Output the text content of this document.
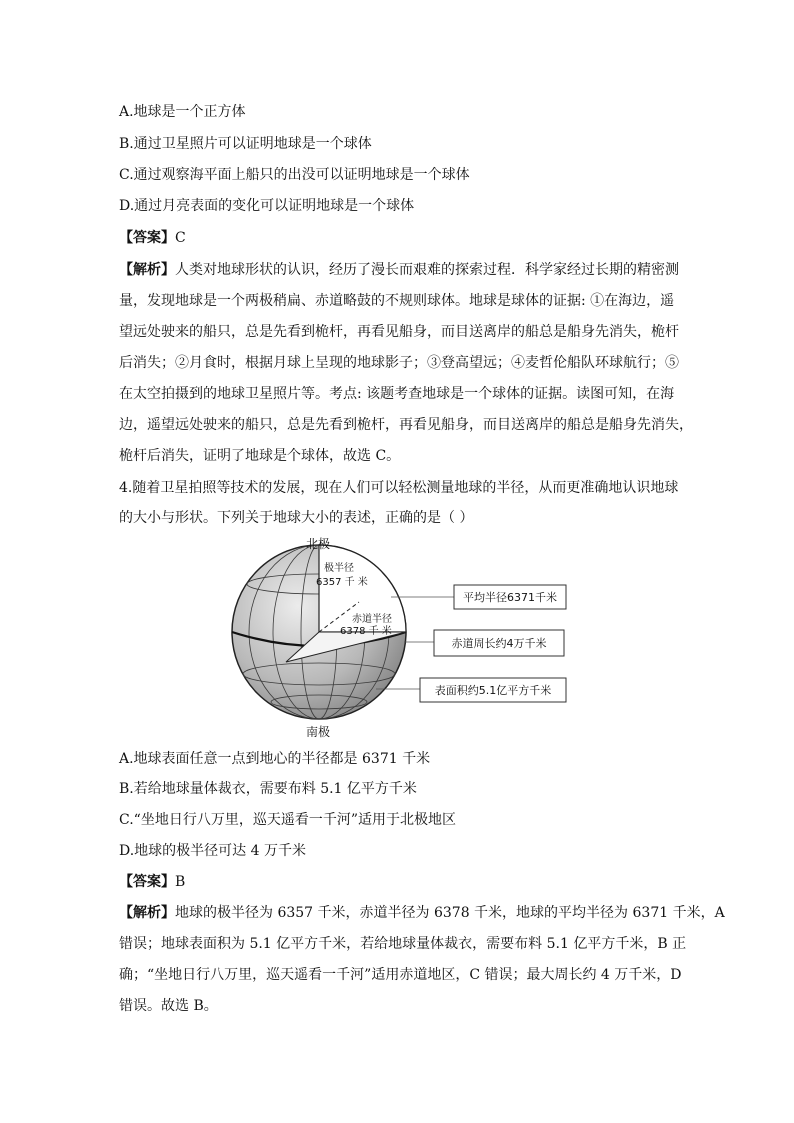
A.地球是一个正方体
B.通过卫星照片可以证明地球是一个球体
C.通过观察海平面上船只的出没可以证明地球是一个球体
D.通过月亮表面的变化可以证明地球是一个球体
【答案】C
【解析】人类对地球形状的认识，经历了漫长而艰难的探索过程．科学家经过长期的精密测
量，发现地球是一个两极稍扁、赤道略鼓的不规则球体。地球是球体的证据: ①在海边，遥
望远处驶来的船只，总是先看到桅杆，再看见船身，而目送离岸的船总是船身先消失，桅杆
后消失；②月食时，根据月球上呈现的地球影子；③登高望远；④麦哲伦船队环球航行；⑤
在太空拍摄到的地球卫星照片等。考点: 该题考查地球是一个球体的证据。读图可知，在海
边，遥望远处驶来的船只，总是先看到桅杆，再看见船身，而目送离岸的船总是船身先消失，
桅杆后消失，证明了地球是个球体，故选 C。
4.随着卫星拍照等技术的发展，现在人们可以轻松测量地球的半径，从而更准确地认识地球
的大小与形状。下列关于地球大小的表述，正确的是（ ）
北极
南极
极半径
6357 千 米
赤道半径
6378 千 米
平均半径6371千米
赤道周长约4万千米
表面积约5.1亿平方千米
A.地球表面任意一点到地心的半径都是 6371 千米
B.若给地球量体裁衣，需要布料 5.1 亿平方千米
C.“坐地日行八万里，巡天遥看一千河”适用于北极地区
D.地球的极半径可达 4 万千米
【答案】B
【解析】地球的极半径为 6357 千米，赤道半径为 6378 千米，地球的平均半径为 6371 千米，A
错误；地球表面积为 5.1 亿平方千米，若给地球量体裁衣，需要布料 5.1 亿平方千米，B 正
确；“坐地日行八万里，巡天遥看一千河”适用赤道地区，C 错误；最大周长约 4 万千米，D
错误。故选 B。
